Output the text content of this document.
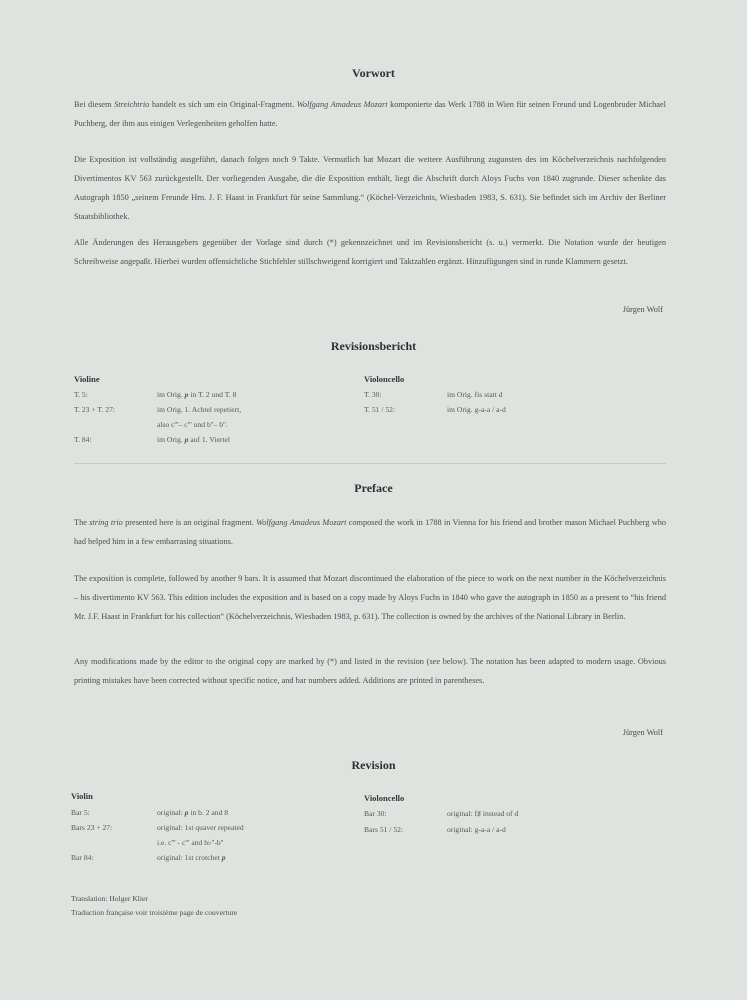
Vorwort
Bei diesem Streichtrio handelt es sich um ein Original-Fragment. Wolfgang Amadeus Mozart komponierte das Werk 1788 in Wien für seinen Freund und Logenbruder Michael Puchberg, der ihm aus einigen Verlegenheiten geholfen hatte.
Die Exposition ist vollständig ausgeführt, danach folgen noch 9 Takte. Vermutlich hat Mozart die weitere Ausführung zugunsten des im Köchelverzeichnis nachfolgenden Divertimentos KV 563 zurückgestellt. Der vorliegenden Ausgabe, die die Exposition enthält, liegt die Abschrift durch Aloys Fuchs von 1840 zugrunde. Dieser schenkte das Autograph 1850 „seinem Freunde Hrn. J. F. Haast in Frankfurt für seine Sammlung.“ (Köchel-Verzeichnis, Wiesbaden 1983, S. 631). Sie befindet sich im Archiv der Berliner Staatsbibliothek.
Alle Änderungen des Herausgebers gegenüber der Vorlage sind durch (*) gekennzeichnet und im Revisionsbericht (s. u.) vermerkt. Die Notation wurde der heutigen Schreibweise angepaßt. Hierbei wurden offensichtliche Stichfehler stillschweigend korrigiert und Taktzahlen ergänzt. Hinzufügungen sind in runde Klammern gesetzt.
Jürgen Wolf
Revisionsbericht
Violine
T. 5:	im Orig. p in T. 2 und T. 8
T. 23 + T. 27:	im Orig. 1. Achtel repetiert,
also c'''– c''' und b''– b''.
T. 84:	im Orig. p auf 1. Viertel
Violoncello
T. 30:	im Orig. fis statt d
T. 51 / 52:	im Orig. g-a-a / a-d
Preface
The string trio presented here is an original fragment. Wolfgang Amadeus Mozart composed the work in 1788 in Vienna for his friend and brother mason Michael Puchberg who had helped him in a few embarrasing situations.
The exposition is complete, followed by another 9 bars. It is assumed that Mozart discontinued the elaboration of the piece to work on the next number in the Köchelverzeichnis – his divertimento KV 563. This edition includes the exposition and is based on a copy made by Aloys Fuchs in 1840 who gave the autograph in 1850 as a present to “his friend Mr. J.F. Haast in Frankfurt for his collection” (Köchelverzeichnis, Wiesbaden 1983, p. 631). The collection is owned by the archives of the National Library in Berlin.
Any modifications made by the editor to the original copy are marked by (*) and listed in the revision (see below). The notation has been adapted to modern usage. Obvious printing mistakes have been corrected without specific notice, and bar numbers added. Additions are printed in parentheses.
Jürgen Wolf
Revision
Violin
Bar 5:	original: p in b. 2 and 8
Bars 23 + 27:	original: 1st quaver repeated
i.e. c''' - c''' and b♭''-b''
Bar 84:	original: 1st crotchet p
Violoncello
Bar 30:	original: f♯ instead of d
Bars 51 / 52:	original: g-a-a / a-d
Translation: Holger Klier
Traduction française voir troisième page de couverture
